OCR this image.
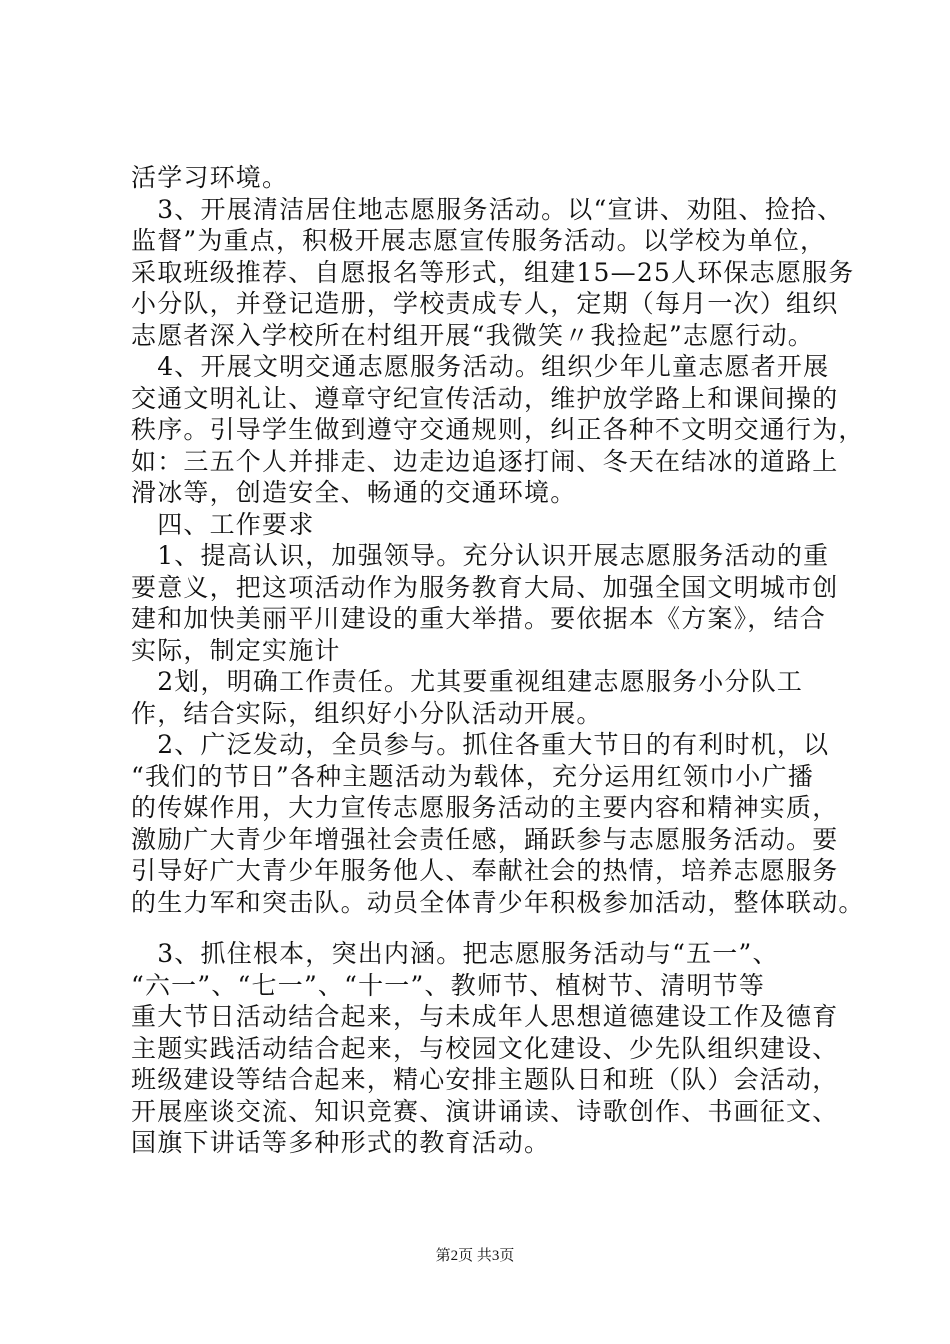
活学习环境。
　3、开展清洁居住地志愿服务活动。以“宣讲、劝阻、捡拾、
监督”为重点，积极开展志愿宣传服务活动。以学校为单位，
采取班级推荐、自愿报名等形式，组建15—25人环保志愿服务
小分队，并登记造册，学校责成专人，定期（每月一次）组织
志愿者深入学校所在村组开展“我微笑〃我捡起”志愿行动。
　4、开展文明交通志愿服务活动。组织少年儿童志愿者开展
交通文明礼让、遵章守纪宣传活动，维护放学路上和课间操的
秩序。引导学生做到遵守交通规则，纠正各种不文明交通行为，
如：三五个人并排走、边走边追逐打闹、冬天在结冰的道路上
滑冰等，创造安全、畅通的交通环境。
　四、工作要求
　1、提高认识，加强领导。充分认识开展志愿服务活动的重
要意义，把这项活动作为服务教育大局、加强全国文明城市创
建和加快美丽平川建设的重大举措。要依据本《方案》，结合
实际，制定实施计
　2划，明确工作责任。尤其要重视组建志愿服务小分队工
作，结合实际，组织好小分队活动开展。
　2、广泛发动，全员参与。抓住各重大节日的有利时机，以
“我们的节日”各种主题活动为载体，充分运用红领巾小广播
的传媒作用，大力宣传志愿服务活动的主要内容和精神实质，
激励广大青少年增强社会责任感，踊跃参与志愿服务活动。要
引导好广大青少年服务他人、奉献社会的热情，培养志愿服务
的生力军和突击队。动员全体青少年积极参加活动，整体联动。
　3、抓住根本，突出内涵。把志愿服务活动与“五一”、
“六一”、“七一”、“十一”、教师节、植树节、清明节等
重大节日活动结合起来，与未成年人思想道德建设工作及德育
主题实践活动结合起来，与校园文化建设、少先队组织建设、
班级建设等结合起来，精心安排主题队日和班（队）会活动，
开展座谈交流、知识竞赛、演讲诵读、诗歌创作、书画征文、
国旗下讲话等多种形式的教育活动。
第2页 共3页
